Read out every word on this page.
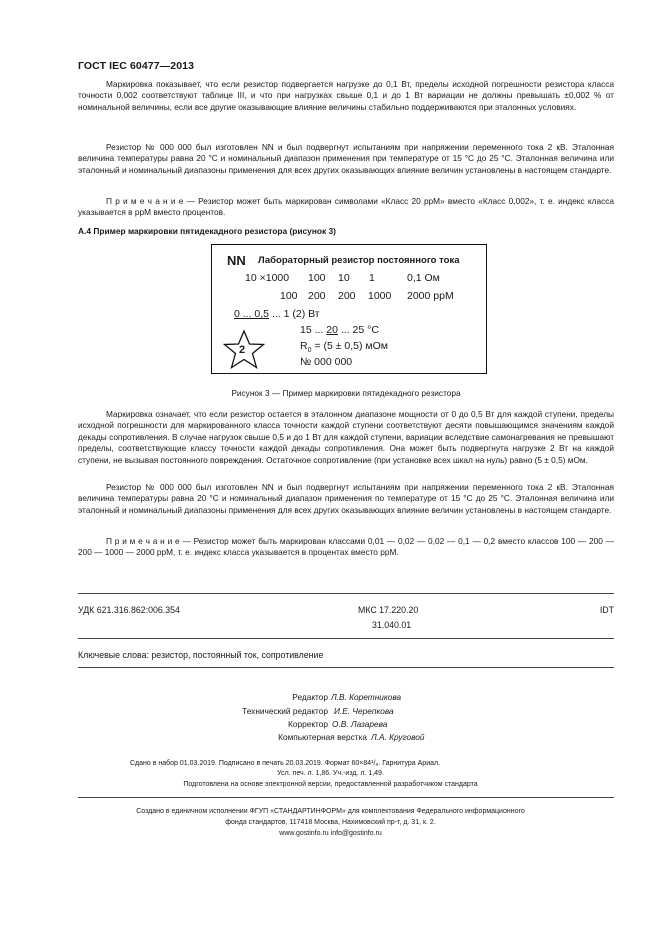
ГОСТ IEC 60477—2013
Маркировка показывает, что если резистор подвергается нагрузке до 0,1 Вт, пределы исходной погрешности резистора класса точности 0,002 соответствуют таблице III, и что при нагрузках свыше 0,1 и до 1 Вт вариации не должны превышать ±0,002 % от номинальной величины, если все другие оказывающие влияние величины стабильно поддерживаются при эталонных условиях.
Резистор № 000 000 был изготовлен NN и был подвергнут испытаниям при напряжении переменного тока 2 кВ. Эталонная величина температуры равна 20 °С и номинальный диапазон применения при температуре от 15 °С до 25 °С. Эталонная величина или эталонный и номинальный диапазоны применения для всех других оказывающих влияние величин установлены в настоящем стандарте.
П р и м е ч а н и е — Резистор может быть маркирован символами «Класс 20 ррМ» вместо «Класс 0,002», т. е. индекс класса указывается в ррМ вместо процентов.
А.4 Пример маркировки пятидекадного резистора (рисунок 3)
NN Лабораторный резистор постоянного тока
10 ×1000 100 10 1	0,1 Ом
100 200 200 1000 2000 ррМ
0 ... 0,5 ... 1 (2) Вт
15 ... 20 ... 25 °С
$R_0 = (5 \pm 0,5)$ мОм
№ 000 000
2
Рисунок 3 — Пример маркировки пятидекадного резистора
Маркировка означает, что если резистор остается в эталонном диапазоне мощности от 0 до 0,5 Вт для каждой ступени, пределы исходной погрешности для маркированного класса точности каждой ступени соответствуют десяти повышающимся значениям каждой декады сопротивления. В случае нагрузок свыше 0,5 и до 1 Вт для каждой ступени, вариации вследствие самонагревания не превышают пределы, соответствующие классу точности каждой декады сопротивления. Она может быть подвергнута нагрузке 2 Вт на каждой ступени, не вызывая постоянного повреждения. Остаточное сопротивление (при установке всех шкал на нуль) равно (5 ± 0,5) мОм.
Резистор № 000 000 был изготовлен NN и был подвергнут испытаниям при напряжении переменного тока 2 кВ. Эталонная величина температуры равна 20 °С и номинальный диапазон применения по температуре от 15 °С до 25 °С. Эталонная величина или эталонный и номинальный диапазоны применения для всех других оказывающих влияние величин установлены в настоящем стандарте.
П р и м е ч а н и е — Резистор может быть маркирован классами 0,01 — 0,02 — 0,02 — 0,1 — 0,2 вместо классов 100 — 200 — 200 — 1000 — 2000 ррМ, т. е. индекс класса указывается в процентах вместо ррМ.
УДК 621.316.862:006.354	МКС 17.220.20
31.040.01
IDT
Ключевые слова: резистор, постоянный ток, сопротивление
Редактор Л.В. Коретникова
Технический редактор И.Е. Черепкова
Корректор О.В. Лазарева
Компьютерная верстка Л.А. Круговой
Сдано в набор 01.03.2019. Подписано в печать 20.03.2019. Формат 60×84¹/₈. Гарнитура Ариал.
Усл. печ. л. 1,86. Уч.-изд. л. 1,49.
Подготовлена на основе электронной версии, предоставленной разработчиком стандарта
Создано в единичном исполнении ФГУП «СТАНДАРТИНФОРМ» для комплектования Федерального информационного
фонда стандартов, 117418 Москва, Нахимовский пр-т, д. 31, к. 2.
www.gostinfo.ru info@gostinfo.ru
